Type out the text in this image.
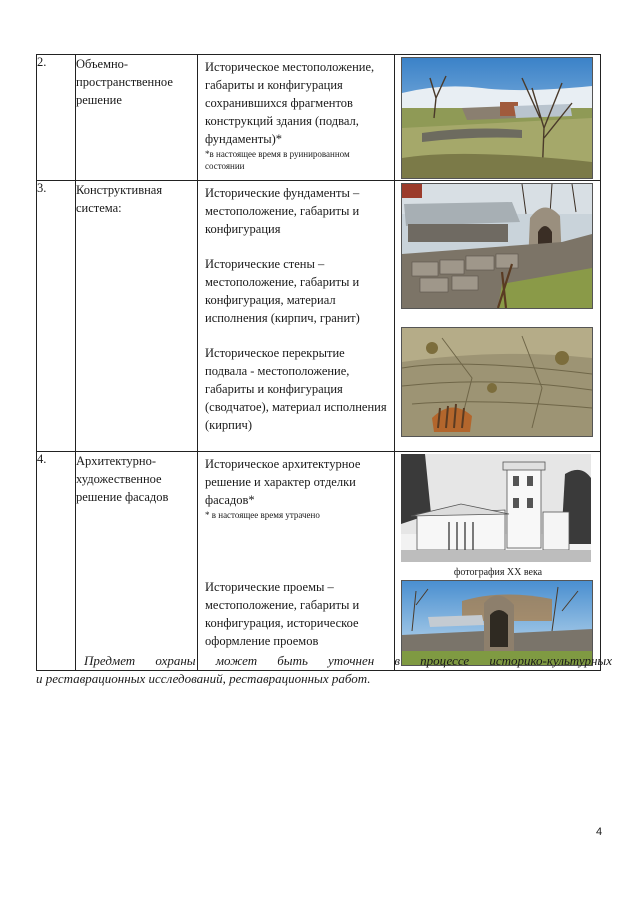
2.	Объемно-пространственное решение	Историческое местоположение, габариты и конфигурация сохранившихся фрагментов конструкций здания (подвал, фундаменты)*
*в настоящее время в руинированном состоянии

3.	Конструктивная система:	Исторические фундаменты – местоположение, габариты и конфигурация
Исторические стены – местоположение, габариты и конфигурация, материал исполнения (кирпич, гранит)
Историческое перекрытие подвала - местоположение, габариты и конфигурация (сводчатое), материал исполнения (кирпич)

4.	Архитектурно-художественное решение фасадов	Историческое архитектурное решение и характер отделки фасадов*
* в настоящее время утрачено
Исторические проемы – местоположение, габариты и конфигурация, историческое оформление проемов	фотография XX века
Предмет охраны может быть уточнен в процессе историко-культурных
и реставрационных исследований, реставрационных работ.
4
